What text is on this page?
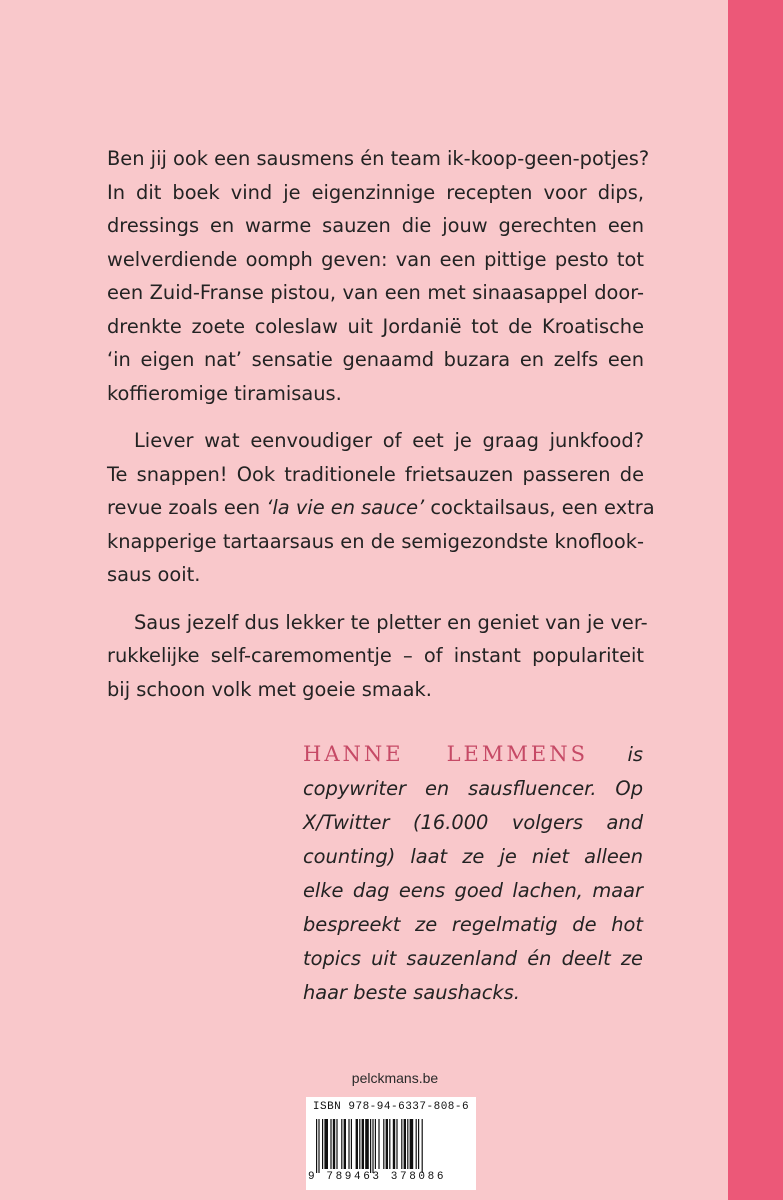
Ben jij ook een sausmens én team ik-koop-geen-potjes?
In dit boek vind je eigenzinnige recepten voor dips,
dressings en warme sauzen die jouw gerechten een
welverdiende oomph geven: van een pittige pesto tot
een Zuid-Franse pistou, van een met sinaasappel door-
drenkte zoete coleslaw uit Jordanië tot de Kroatische
‘in eigen nat’ sensatie genaamd buzara en zelfs een
koffieromige tiramisaus.

Liever wat eenvoudiger of eet je graag junkfood?
Te snappen! Ook traditionele frietsauzen passeren de
revue zoals een ‘la vie en sauce’ cocktailsaus, een extra
knapperige tartaarsaus en de semigezondste knoflook-
saus ooit.

Saus jezelf dus lekker te pletter en geniet van je ver-
rukkelijke self-caremomentje – of instant populariteit
bij schoon volk met goeie smaak.

HANNE LEMMENS is
copywriter en sausfluencer. Op
X/Twitter (16.000 volgers and
counting) laat ze je niet alleen
elke dag eens goed lachen, maar
bespreekt ze regelmatig de hot
topics uit sauzenland én deelt ze
haar beste saushacks.
pelckmans.be
ISBN 978-94-6337-808-6
9 789463 378086
